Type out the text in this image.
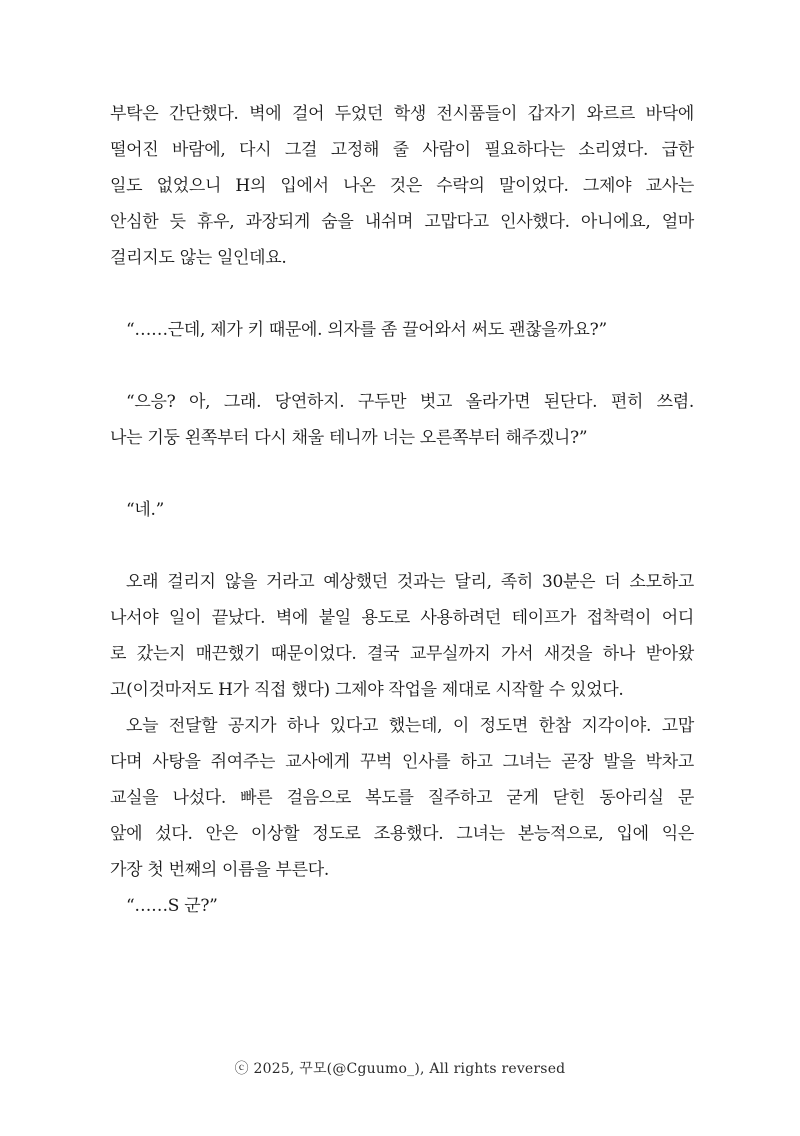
부탁은 간단했다. 벽에 걸어 두었던 학생 전시품들이 갑자기 와르르 바닥에
떨어진 바람에, 다시 그걸 고정해 줄 사람이 필요하다는 소리였다. 급한
일도 없었으니 H의 입에서 나온 것은 수락의 말이었다. 그제야 교사는
안심한 듯 휴우, 과장되게 숨을 내쉬며 고맙다고 인사했다. 아니에요, 얼마
걸리지도 않는 일인데요.
“……근데, 제가 키 때문에. 의자를 좀 끌어와서 써도 괜찮을까요?”
“으응? 아, 그래. 당연하지. 구두만 벗고 올라가면 된단다. 편히 쓰렴.
나는 기둥 왼쪽부터 다시 채울 테니까 너는 오른쪽부터 해주겠니?”
“네.”
오래 걸리지 않을 거라고 예상했던 것과는 달리, 족히 30분은 더 소모하고
나서야 일이 끝났다. 벽에 붙일 용도로 사용하려던 테이프가 접착력이 어디
로 갔는지 매끈했기 때문이었다. 결국 교무실까지 가서 새것을 하나 받아왔
고(이것마저도 H가 직접 했다) 그제야 작업을 제대로 시작할 수 있었다.
오늘 전달할 공지가 하나 있다고 했는데, 이 정도면 한참 지각이야. 고맙
다며 사탕을 쥐여주는 교사에게 꾸벅 인사를 하고 그녀는 곧장 발을 박차고
교실을 나섰다. 빠른 걸음으로 복도를 질주하고 굳게 닫힌 동아리실 문
앞에 섰다. 안은 이상할 정도로 조용했다. 그녀는 본능적으로, 입에 익은
가장 첫 번째의 이름을 부른다.
“……S 군?”
ⓒ 2025, 꾸모(@Cguumo_), All rights reversed
